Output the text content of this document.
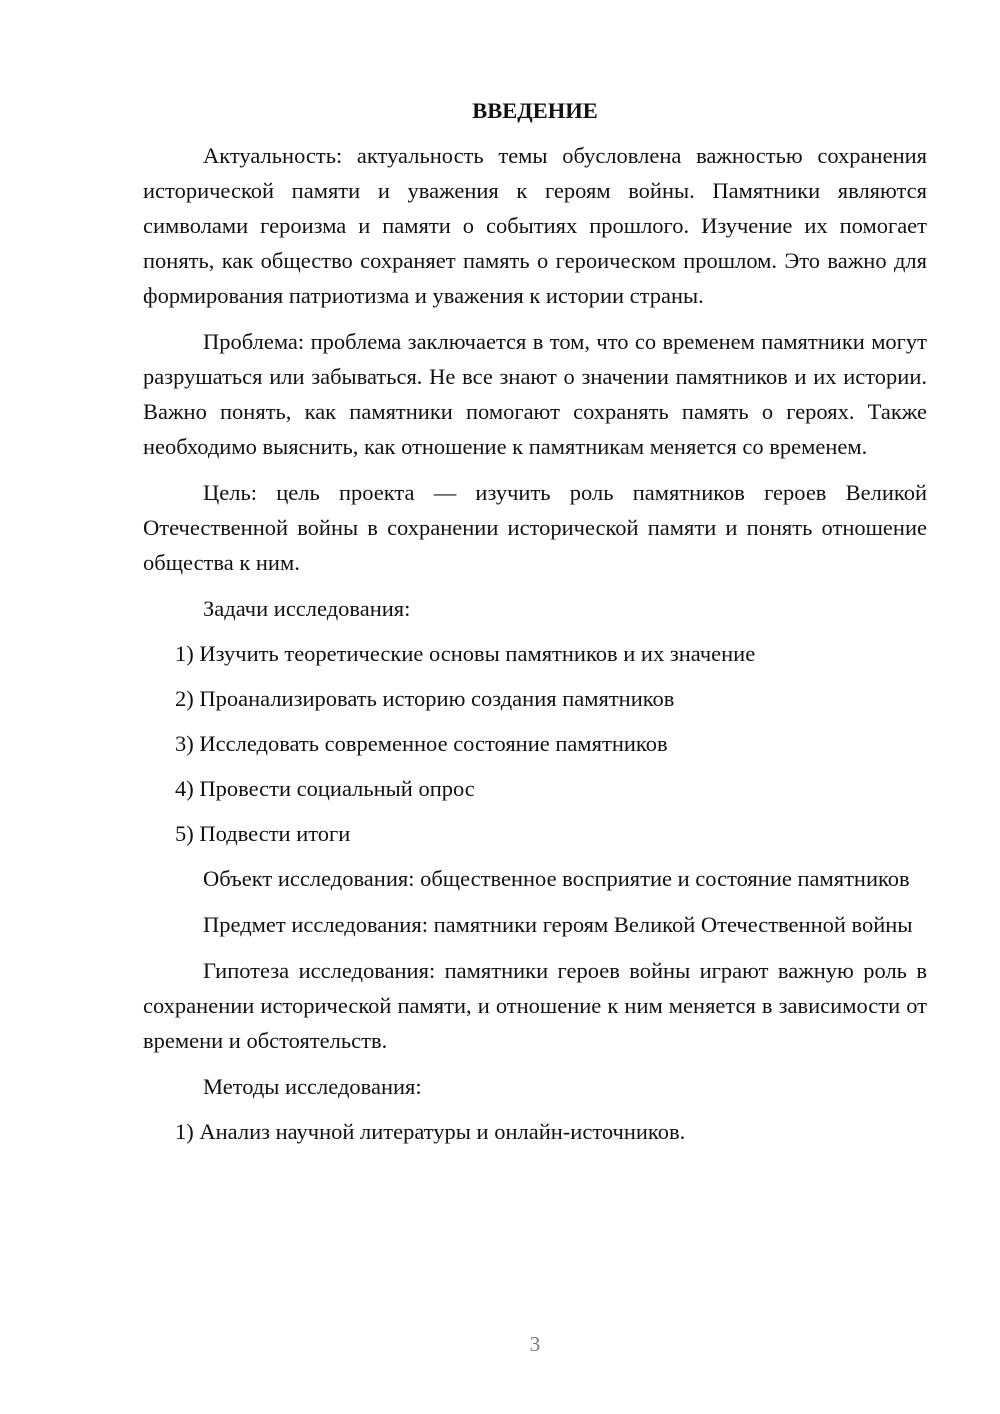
ВВЕДЕНИЕ

Актуальность: актуальность темы обусловлена важностью сохранения исторической памяти и уважения к героям войны. Памятники являются символами героизма и памяти о событиях прошлого. Изучение их помогает понять, как общество сохраняет память о героическом прошлом. Это важно для формирования патриотизма и уважения к истории страны.

Проблема: проблема заключается в том, что со временем памятники могут разрушаться или забываться. Не все знают о значении памятников и их истории. Важно понять, как памятники помогают сохранять память о героях. Также необходимо выяснить, как отношение к памятникам меняется со временем.

Цель: цель проекта — изучить роль памятников героев Великой Отечественной войны в сохранении исторической памяти и понять отношение общества к ним.

Задачи исследования:

1) Изучить теоретические основы памятников и их значение

2) Проанализировать историю создания памятников

3) Исследовать современное состояние памятников

4) Провести социальный опрос

5) Подвести итоги

Объект исследования: общественное восприятие и состояние памятников

Предмет исследования: памятники героям Великой Отечественной войны

Гипотеза исследования: памятники героев войны играют важную роль в сохранении исторической памяти, и отношение к ним меняется в зависимости от времени и обстоятельств.

Методы исследования:

1) Анализ научной литературы и онлайн-источников.

3
